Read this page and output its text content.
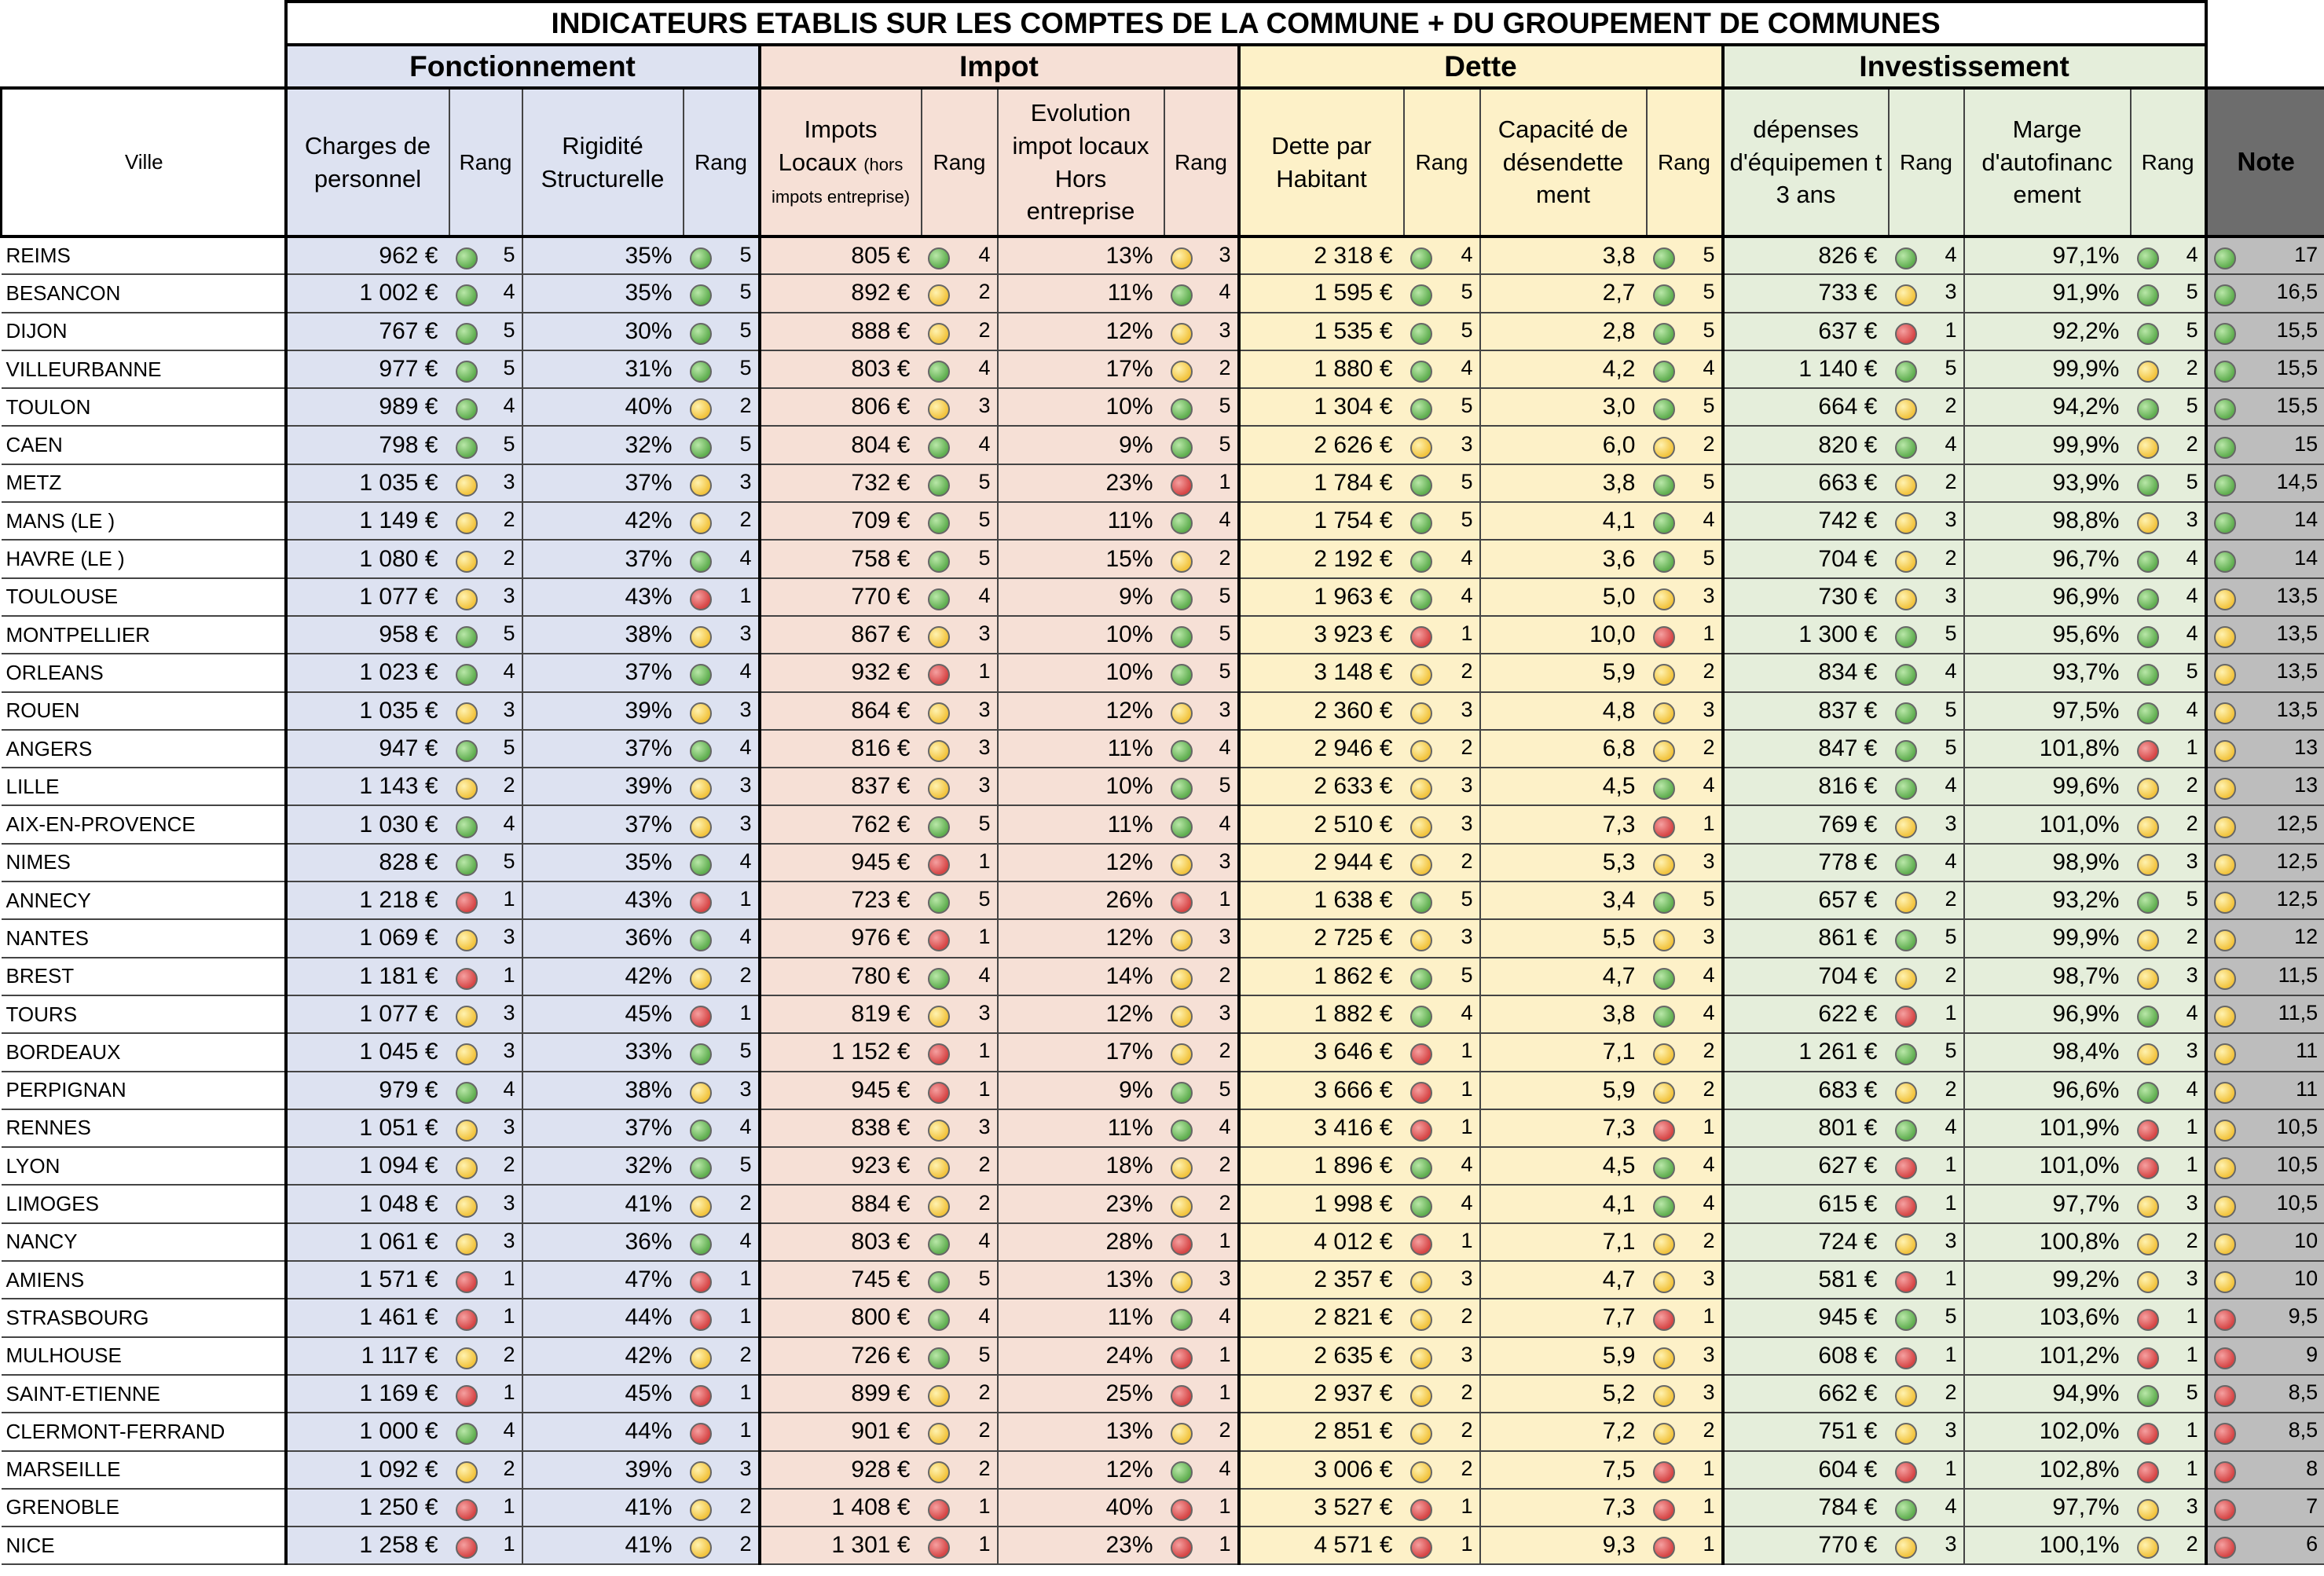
	INDICATEURS ETABLIS SUR LES COMPTES DE LA COMMUNE + DU GROUPEMENT DE COMMUNES																
	Fonctionnement				Impot				Dette				Investissement				
Ville	Charges de personnel	Rang	Rigidité Structurelle	Rang	Impots Locaux (hors impots entreprise)	Rang	Evolution impot locaux Hors entreprise	Rang	Dette par Habitant	Rang	Capacité de désendette ment	Rang	dépenses d'équipemen t 3 ans	Rang	Marge d'autofinanc ement	Rang	Note
REIMS	962 €	5	35%	5	805 €	4	13%	3	2 318 €	4	3,8	5	826 €	4	97,1%	4	17
BESANCON	1 002 €	4	35%	5	892 €	2	11%	4	1 595 €	5	2,7	5	733 €	3	91,9%	5	16,5
DIJON	767 €	5	30%	5	888 €	2	12%	3	1 535 €	5	2,8	5	637 €	1	92,2%	5	15,5
VILLEURBANNE	977 €	5	31%	5	803 €	4	17%	2	1 880 €	4	4,2	4	1 140 €	5	99,9%	2	15,5
TOULON	989 €	4	40%	2	806 €	3	10%	5	1 304 €	5	3,0	5	664 €	2	94,2%	5	15,5
CAEN	798 €	5	32%	5	804 €	4	9%	5	2 626 €	3	6,0	2	820 €	4	99,9%	2	15
METZ	1 035 €	3	37%	3	732 €	5	23%	1	1 784 €	5	3,8	5	663 €	2	93,9%	5	14,5
MANS (LE )	1 149 €	2	42%	2	709 €	5	11%	4	1 754 €	5	4,1	4	742 €	3	98,8%	3	14
HAVRE (LE )	1 080 €	2	37%	4	758 €	5	15%	2	2 192 €	4	3,6	5	704 €	2	96,7%	4	14
TOULOUSE	1 077 €	3	43%	1	770 €	4	9%	5	1 963 €	4	5,0	3	730 €	3	96,9%	4	13,5
MONTPELLIER	958 €	5	38%	3	867 €	3	10%	5	3 923 €	1	10,0	1	1 300 €	5	95,6%	4	13,5
ORLEANS	1 023 €	4	37%	4	932 €	1	10%	5	3 148 €	2	5,9	2	834 €	4	93,7%	5	13,5
ROUEN	1 035 €	3	39%	3	864 €	3	12%	3	2 360 €	3	4,8	3	837 €	5	97,5%	4	13,5
ANGERS	947 €	5	37%	4	816 €	3	11%	4	2 946 €	2	6,8	2	847 €	5	101,8%	1	13
LILLE	1 143 €	2	39%	3	837 €	3	10%	5	2 633 €	3	4,5	4	816 €	4	99,6%	2	13
AIX-EN-PROVENCE	1 030 €	4	37%	3	762 €	5	11%	4	2 510 €	3	7,3	1	769 €	3	101,0%	2	12,5
NIMES	828 €	5	35%	4	945 €	1	12%	3	2 944 €	2	5,3	3	778 €	4	98,9%	3	12,5
ANNECY	1 218 €	1	43%	1	723 €	5	26%	1	1 638 €	5	3,4	5	657 €	2	93,2%	5	12,5
NANTES	1 069 €	3	36%	4	976 €	1	12%	3	2 725 €	3	5,5	3	861 €	5	99,9%	2	12
BREST	1 181 €	1	42%	2	780 €	4	14%	2	1 862 €	5	4,7	4	704 €	2	98,7%	3	11,5
TOURS	1 077 €	3	45%	1	819 €	3	12%	3	1 882 €	4	3,8	4	622 €	1	96,9%	4	11,5
BORDEAUX	1 045 €	3	33%	5	1 152 €	1	17%	2	3 646 €	1	7,1	2	1 261 €	5	98,4%	3	11
PERPIGNAN	979 €	4	38%	3	945 €	1	9%	5	3 666 €	1	5,9	2	683 €	2	96,6%	4	11
RENNES	1 051 €	3	37%	4	838 €	3	11%	4	3 416 €	1	7,3	1	801 €	4	101,9%	1	10,5
LYON	1 094 €	2	32%	5	923 €	2	18%	2	1 896 €	4	4,5	4	627 €	1	101,0%	1	10,5
LIMOGES	1 048 €	3	41%	2	884 €	2	23%	2	1 998 €	4	4,1	4	615 €	1	97,7%	3	10,5
NANCY	1 061 €	3	36%	4	803 €	4	28%	1	4 012 €	1	7,1	2	724 €	3	100,8%	2	10
AMIENS	1 571 €	1	47%	1	745 €	5	13%	3	2 357 €	3	4,7	3	581 €	1	99,2%	3	10
STRASBOURG	1 461 €	1	44%	1	800 €	4	11%	4	2 821 €	2	7,7	1	945 €	5	103,6%	1	9,5
MULHOUSE	1 117 €	2	42%	2	726 €	5	24%	1	2 635 €	3	5,9	3	608 €	1	101,2%	1	9
SAINT-ETIENNE	1 169 €	1	45%	1	899 €	2	25%	1	2 937 €	2	5,2	3	662 €	2	94,9%	5	8,5
CLERMONT-FERRAND	1 000 €	4	44%	1	901 €	2	13%	2	2 851 €	2	7,2	2	751 €	3	102,0%	1	8,5
MARSEILLE	1 092 €	2	39%	3	928 €	2	12%	4	3 006 €	2	7,5	1	604 €	1	102,8%	1	8
GRENOBLE	1 250 €	1	41%	2	1 408 €	1	40%	1	3 527 €	1	7,3	1	784 €	4	97,7%	3	7
NICE	1 258 €	1	41%	2	1 301 €	1	23%	1	4 571 €	1	9,3	1	770 €	3	100,1%	2	6
